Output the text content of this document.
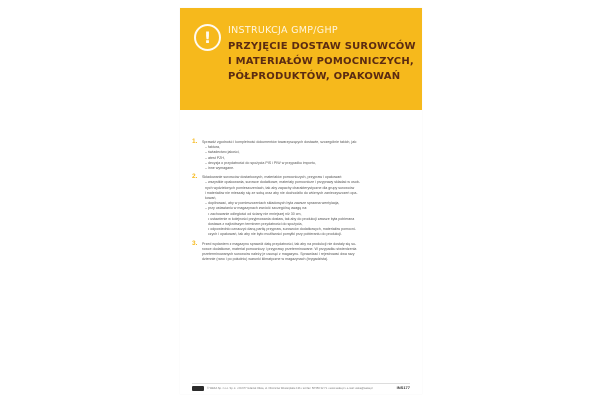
!	INSTRUKCJA GMP/GHP
PRZYJĘCIE DOSTAW SUROWCÓW
I MATERIAŁÓW POMOCNICZYCH,
PÓŁPRODUKTÓW, OPAKOWAŃ
1. Sprawdź zgodność i kompletność dokumentów towarzyszących dostawie, szczególnie takich, jak:
– faktura,
– świadectwo jakości,
– atest PZH,
– decyzja o przydatności do spożycia PIS i PIW w przypadku importu,
– inne wymagane.
2. Składowanie surowców dostarkowych, materiałów pomocniczych, przypraw i opakowań:
– wszystkie opakowania, surowce dodatkowe, materiały pomocnicze i przyprawy składać w osob-
nych wydzielonych pomieszczeniach, tak aby zapachy charakterystyczne dla grupy surowców
i materiałów nie mieszały się ze sobą oraz aby nie dochodziło do wtórnych zanieczyszczeń opa-
kowań,
– dopilnować, aby w pomieszczeniach składowych była zawsze sprawna wentylacja,
– przy ustawianiu w magazynach zwrócić szczególną uwagę na:
• zachowanie odległości od ściany nie mniejszej niż 30 cm,
• ustawienie w kolejności przyjmowania dostaw, tak aby do produkcji zawsze była pobierana
dostawa z najkrótszym terminem przydatności do spożycia,
• odpowiednio oznaczyć daną partię przypraw, surowców dodatkowych, materiałów pomocni-
czych i opakowań, tak aby nie było możliwości pomyłki przy pobieraniu do produkcji.
3. Przed wydaniem z magazynu sprawdź datę przydatności, tak aby na produkcji nie dostały się su-
rowce dodatkowe, materiał pomocniczy i przyprawy przeterminowane. W przypadku stwierdzenia
przeterminowanych surowców należy je usunąć z magazynu. Sprawdzać i rejestrować dwa razy
dziennie (rano i po południu) warunki klimatyczne w magazynach (brygadzista).
© WEKA Sp. z o.o. Sp. k. • 00-677 Gdańsk Oliwa, ul. Obrońców Westerplatte 13b • tel./fax: 58 556 32 71 • www.weka.pl • e-mail: weka@weka.pl	INS177
